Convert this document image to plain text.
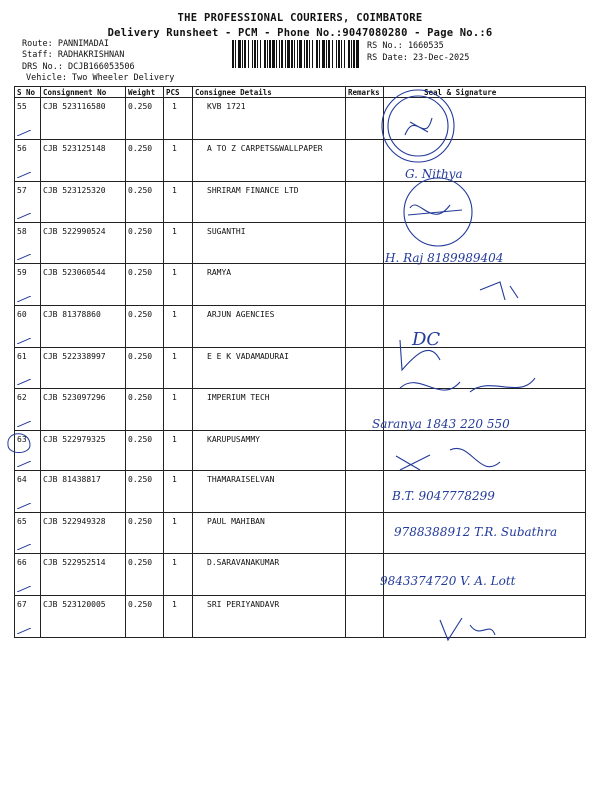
THE PROFESSIONAL COURIERS, COIMBATORE
Delivery Runsheet - PCM - Phone No.:9047080280 - Page No.:6
Route: PANNIMADAI
Staff: RADHAKRISHNAN
DRS No.: DCJB166053506
Vehicle: Two Wheeler Delivery
RS No.: 1660535
RS Date: 23-Dec-2025
S No	Consignment No	Weight	PCS	Consignee Details	Remarks	Seal & Signature
55	CJB 523116580	0.250	1	KVB 1721		
56	CJB 523125148	0.250	1	A TO Z CARPETS&WALLPAPER		
57	CJB 523125320	0.250	1	SHRIRAM FINANCE LTD		
58	CJB 522990524	0.250	1	SUGANTHI		
59	CJB 523060544	0.250	1	RAMYA		
60	CJB 81378860	0.250	1	ARJUN AGENCIES		
61	CJB 522338997	0.250	1	E E K VADAMADURAI		
62	CJB 523097296	0.250	1	IMPERIUM TECH		
63	CJB 522979325	0.250	1	KARUPUSAMMY		
64	CJB 81438817	0.250	1	THAMARAISELVAN		
65	CJB 522949328	0.250	1	PAUL MAHIBAN		
66	CJB 522952514	0.250	1	D.SARAVANAKUMAR		
67	CJB 523120005	0.250	1	SRI PERIYANDAVR		
G. Nithya
H. Raj 8189989404
DC
Saranya 1843 220 550
B.T. 9047778299
9788388912 T.R. Subathra
9843374720 V. A. Lott
